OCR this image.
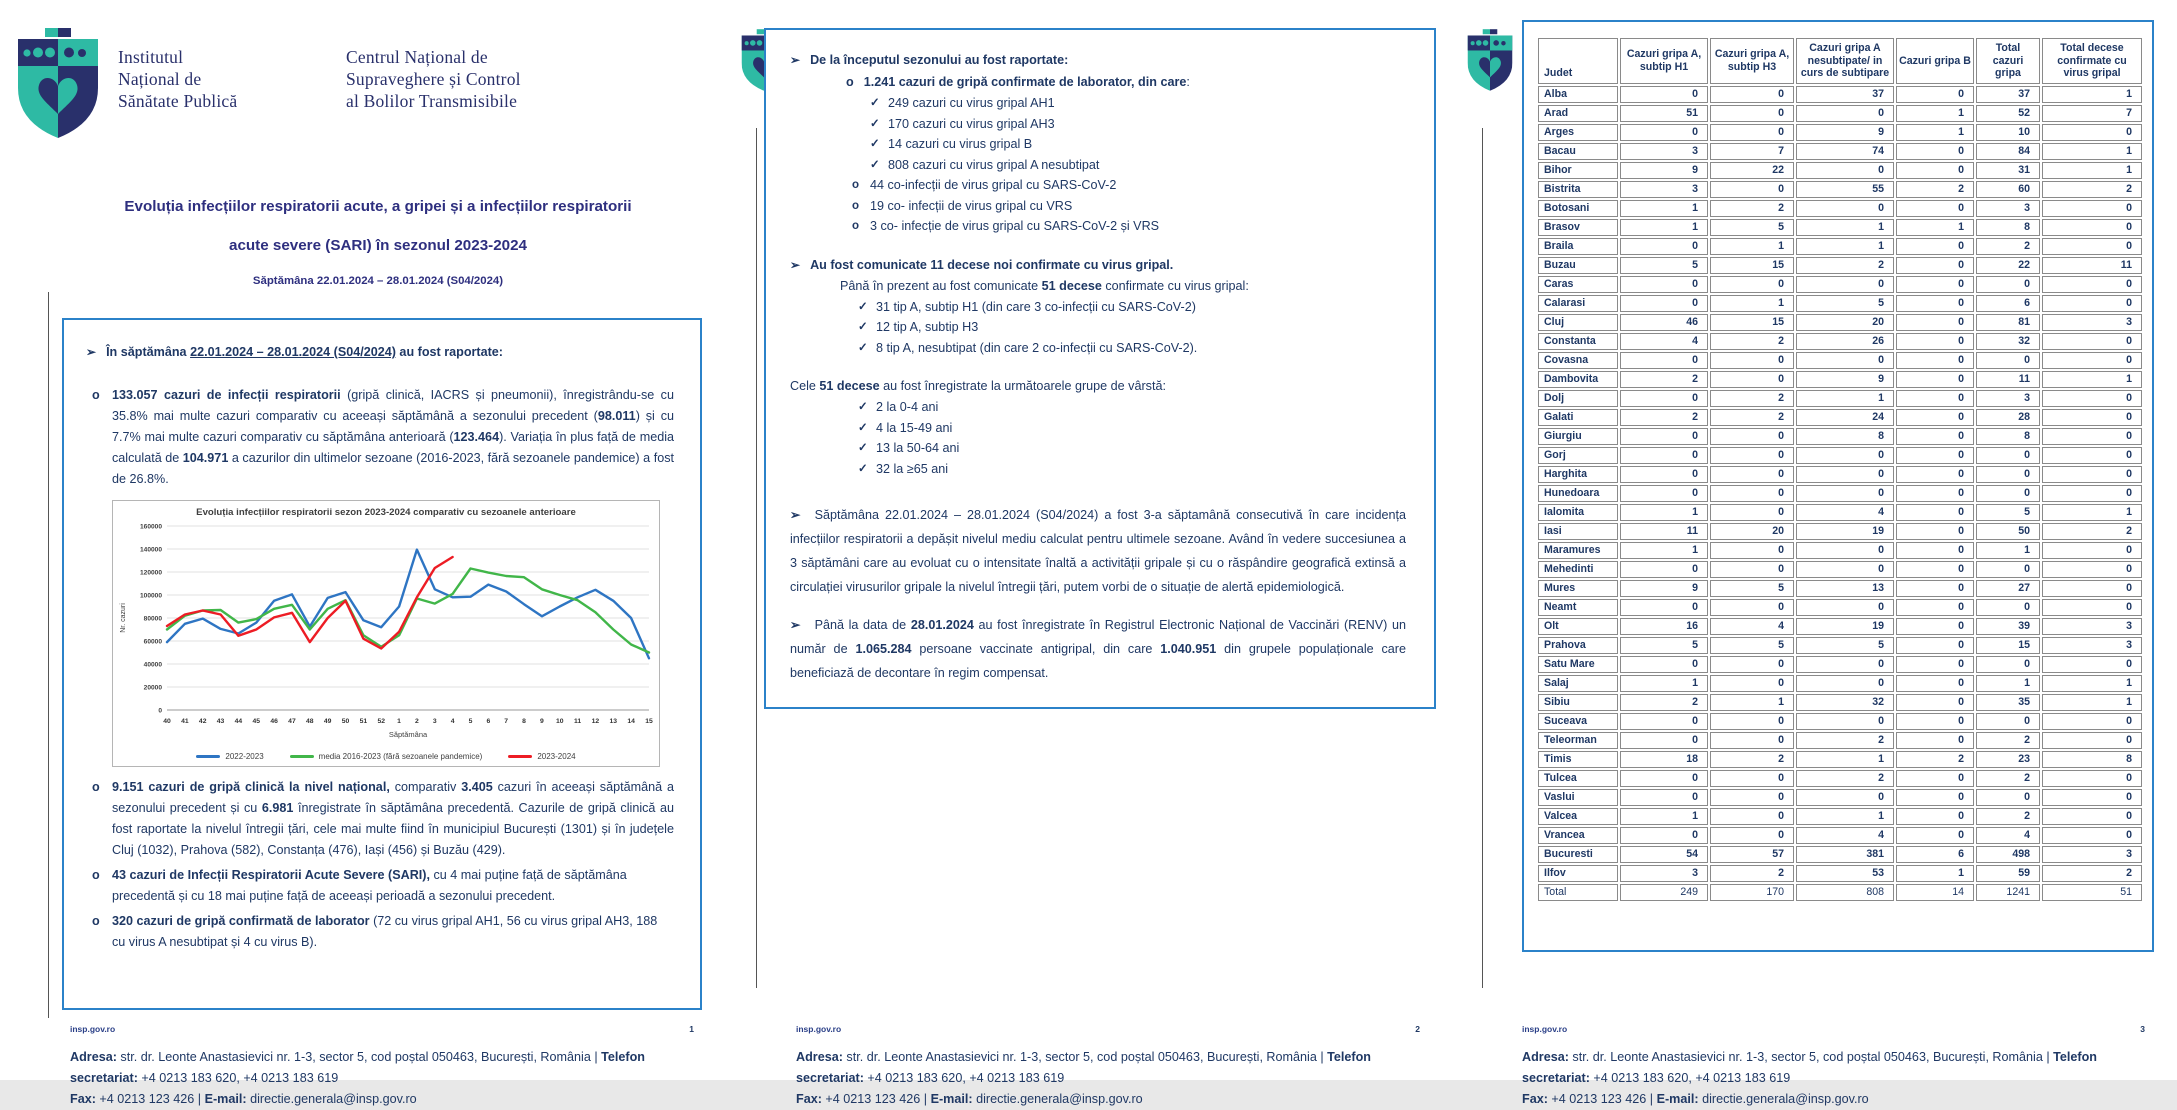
Institutul
Național de
Sănătate Publică
Centrul Național de
Supraveghere și Control
al Bolilor Transmisibile
Evoluția infecțiilor respiratorii acute, a gripei și a infecțiilor respiratorii
acute severe (SARI) în sezonul 2023-2024
Săptămâna 22.01.2024 – 28.01.2024 (S04/2024)
➢ În săptămâna 22.01.2024 – 28.01.2024 (S04/2024) au fost raportate:

o 133.057 cazuri de infecții respiratorii (gripă clinică, IACRS și pneumonii), înregistrându-se cu 35.8% mai multe cazuri comparativ cu aceeași săptămână a sezonului precedent (98.011) și cu 7.7% mai multe cazuri comparativ cu săptămâna anterioară (123.464). Variația în plus față de media calculată de 104.971 a cazurilor din ultimelor sezoane (2016-2023, fără sezoanele pandemice) a fost de 26.8%.

Evoluția infecțiilor respiratorii sezon 2023-2024 comparativ cu sezoanele anterioare
0
20000
40000
60000
80000
100000
120000
140000
160000
40 41 42 43 44 45 46 47 48 49 50 51 52 1 2 3 4 5 6 7 8 9 10 11 12 13 14 15
Săptămâna
Nr. cazuri
2022-2023	media 2016-2023 (fără sezoanele pandemice)	2023-2024
o 9.151 cazuri de gripă clinică la nivel național, comparativ 3.405 cazuri în aceeași săptămână a sezonului precedent și cu 6.981 înregistrate în săptămâna precedentă. Cazurile de gripă clinică au fost raportate la nivelul întregii țări, cele mai multe fiind în municipiul București (1301) și în județele Cluj (1032), Prahova (582), Constanța (476), Iași (456) și Buzău (429).

o 43 cazuri de Infecții Respiratorii Acute Severe (SARI), cu 4 mai puține față de săptămâna precedentă și cu 18 mai puține față de aceeași perioadă a sezonului precedent.

o 320 cazuri de gripă confirmată de laborator (72 cu virus gripal AH1, 56 cu virus gripal AH3, 188 cu virus A nesubtipat și 4 cu virus B).

insp.gov.ro	1
Adresa: str. dr. Leonte Anastasievici nr. 1-3, sector 5, cod poștal 050463, București, România | Telefon secretariat: +4 0213 183 620, +4 0213 183 619
Fax: +4 0213 123 426 | E-mail: directie.generala@insp.gov.ro
➢ De la începutul sezonului au fost raportate:

o 1.241 cazuri de gripă confirmate de laborator, din care:

✓ 249 cazuri cu virus gripal AH1
✓ 170 cazuri cu virus gripal AH3
✓ 14 cazuri cu virus gripal B
✓ 808 cazuri cu virus gripal A nesubtipat
o 44 co-infecții de virus gripal cu SARS-CoV-2
o 19 co- infecții de virus gripal cu VRS
o 3 co- infecție de virus gripal cu SARS-CoV-2 și VRS
➢ Au fost comunicate 11 decese noi confirmate cu virus gripal.

Până în prezent au fost comunicate 51 decese confirmate cu virus gripal:

✓ 31 tip A, subtip H1 (din care 3 co-infecții cu SARS-CoV-2)
✓ 12 tip A, subtip H3
✓ 8 tip A, nesubtipat (din care 2 co-infecții cu SARS-CoV-2).

Cele 51 decese au fost înregistrate la următoarele grupe de vârstă:

✓ 2 la 0-4 ani
✓ 4 la 15-49 ani
✓ 13 la 50-64 ani
✓ 32 la ≥65 ani

➢ Săptămâna 22.01.2024 – 28.01.2024 (S04/2024) a fost 3-a săptamână consecutivă în care incidența infecțiilor respiratorii a depășit nivelul mediu calculat pentru ultimele sezoane. Având în vedere succesiunea a 3 săptămâni care au evoluat cu o intensitate înaltă a activității gripale și cu o răspândire geografică extinsă a circulației virusurilor gripale la nivelul întregii țări, putem vorbi de o situație de alertă epidemiologică.

➢ Până la data de 28.01.2024 au fost înregistrate în Registrul Electronic Național de Vaccinări (RENV) un număr de 1.065.284 persoane vaccinate antigripal, din care 1.040.951 din grupele populaționale care beneficiază de decontare în regim compensat.

insp.gov.ro	2
Adresa: str. dr. Leonte Anastasievici nr. 1-3, sector 5, cod poștal 050463, București, România | Telefon secretariat: +4 0213 183 620, +4 0213 183 619
Fax: +4 0213 123 426 | E-mail: directie.generala@insp.gov.ro
Judet	Cazuri gripa A, subtip H1	Cazuri gripa A, subtip H3	Cazuri gripa A nesubtipate/ in curs de subtipare	Cazuri gripa B	Total cazuri gripa	Total decese confirmate cu virus gripal
Alba	0	0	37	0	37	1
Arad	51	0	0	1	52	7
Arges	0	0	9	1	10	0
Bacau	3	7	74	0	84	1
Bihor	9	22	0	0	31	1
Bistrita	3	0	55	2	60	2
Botosani	1	2	0	0	3	0
Brasov	1	5	1	1	8	0
Braila	0	1	1	0	2	0
Buzau	5	15	2	0	22	11
Caras	0	0	0	0	0	0
Calarasi	0	1	5	0	6	0
Cluj	46	15	20	0	81	3
Constanta	4	2	26	0	32	0
Covasna	0	0	0	0	0	0
Dambovita	2	0	9	0	11	1
Dolj	0	2	1	0	3	0
Galati	2	2	24	0	28	0
Giurgiu	0	0	8	0	8	0
Gorj	0	0	0	0	0	0
Harghita	0	0	0	0	0	0
Hunedoara	0	0	0	0	0	0
Ialomita	1	0	4	0	5	1
Iasi	11	20	19	0	50	2
Maramures	1	0	0	0	1	0
Mehedinti	0	0	0	0	0	0
Mures	9	5	13	0	27	0
Neamt	0	0	0	0	0	0
Olt	16	4	19	0	39	3
Prahova	5	5	5	0	15	3
Satu Mare	0	0	0	0	0	0
Salaj	1	0	0	0	1	1
Sibiu	2	1	32	0	35	1
Suceava	0	0	0	0	0	0
Teleorman	0	0	2	0	2	0
Timis	18	2	1	2	23	8
Tulcea	0	0	2	0	2	0
Vaslui	0	0	0	0	0	0
Valcea	1	0	1	0	2	0
Vrancea	0	0	4	0	4	0
Bucuresti	54	57	381	6	498	3
Ilfov	3	2	53	1	59	2
Total	249	170	808	14	1241	51
insp.gov.ro	3
Adresa: str. dr. Leonte Anastasievici nr. 1-3, sector 5, cod poștal 050463, București, România | Telefon secretariat: +4 0213 183 620, +4 0213 183 619
Fax: +4 0213 123 426 | E-mail: directie.generala@insp.gov.ro
